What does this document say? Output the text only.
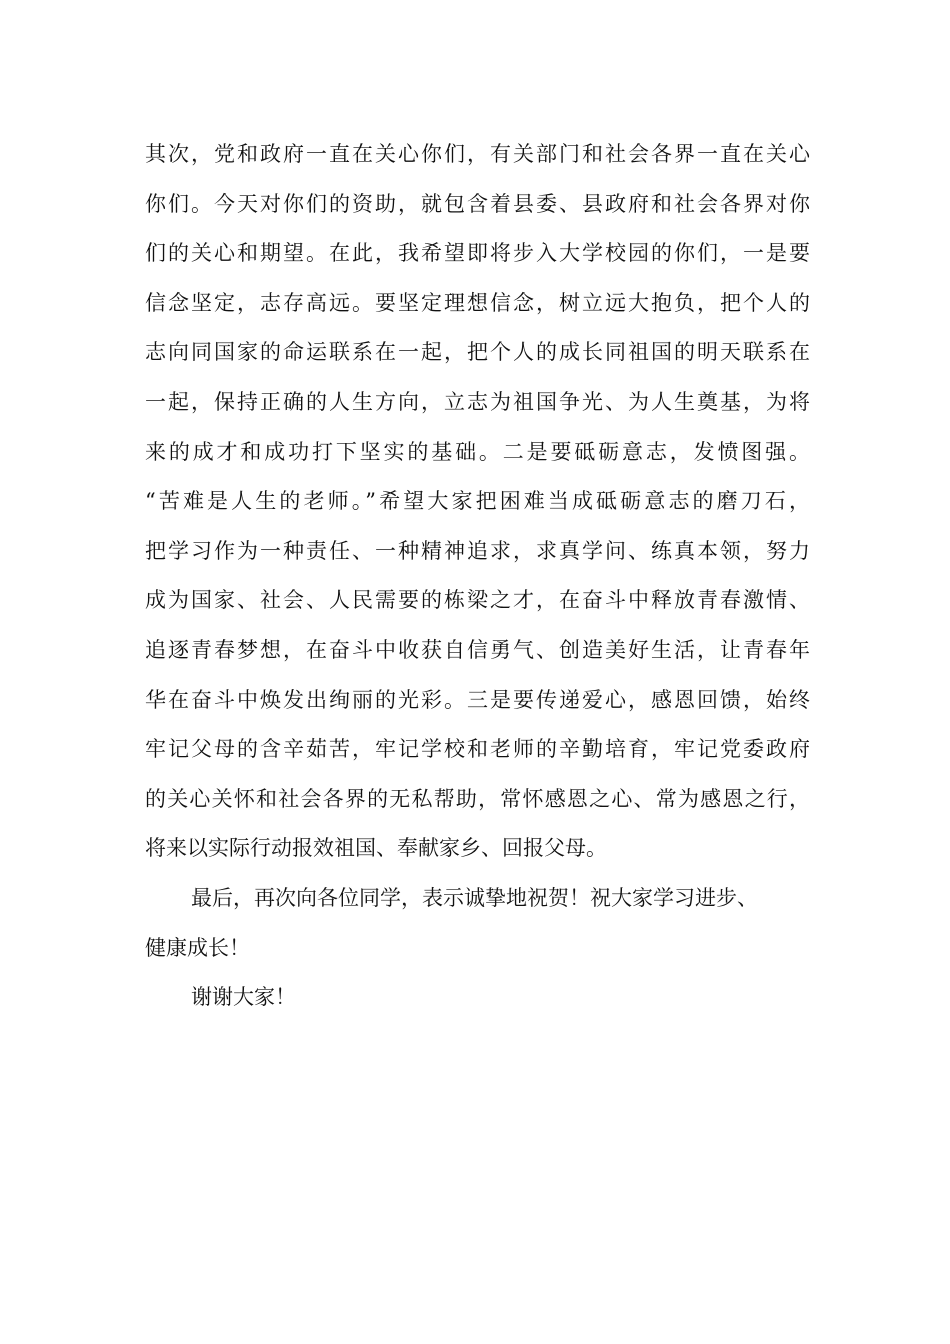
其次，党和政府一直在关心你们，有关部门和社会各界一直在关心
你们。今天对你们的资助，就包含着县委、县政府和社会各界对你
们的关心和期望。在此，我希望即将步入大学校园的你们，一是要
信念坚定，志存高远。要坚定理想信念，树立远大抱负，把个人的
志向同国家的命运联系在一起，把个人的成长同祖国的明天联系在
一起，保持正确的人生方向，立志为祖国争光、为人生奠基，为将
来的成才和成功打下坚实的基础。二是要砥砺意志，发愤图强。
“苦难是人生的老师。”希望大家把困难当成砥砺意志的磨刀石，
把学习作为一种责任、一种精神追求，求真学问、练真本领，努力
成为国家、社会、人民需要的栋梁之才，在奋斗中释放青春激情、
追逐青春梦想，在奋斗中收获自信勇气、创造美好生活，让青春年
华在奋斗中焕发出绚丽的光彩。三是要传递爱心，感恩回馈，始终
牢记父母的含辛茹苦，牢记学校和老师的辛勤培育，牢记党委政府
的关心关怀和社会各界的无私帮助，常怀感恩之心、常为感恩之行，
将来以实际行动报效祖国、奉献家乡、回报父母。
最后，再次向各位同学，表示诚挚地祝贺！祝大家学习进步、
健康成长！
谢谢大家！
